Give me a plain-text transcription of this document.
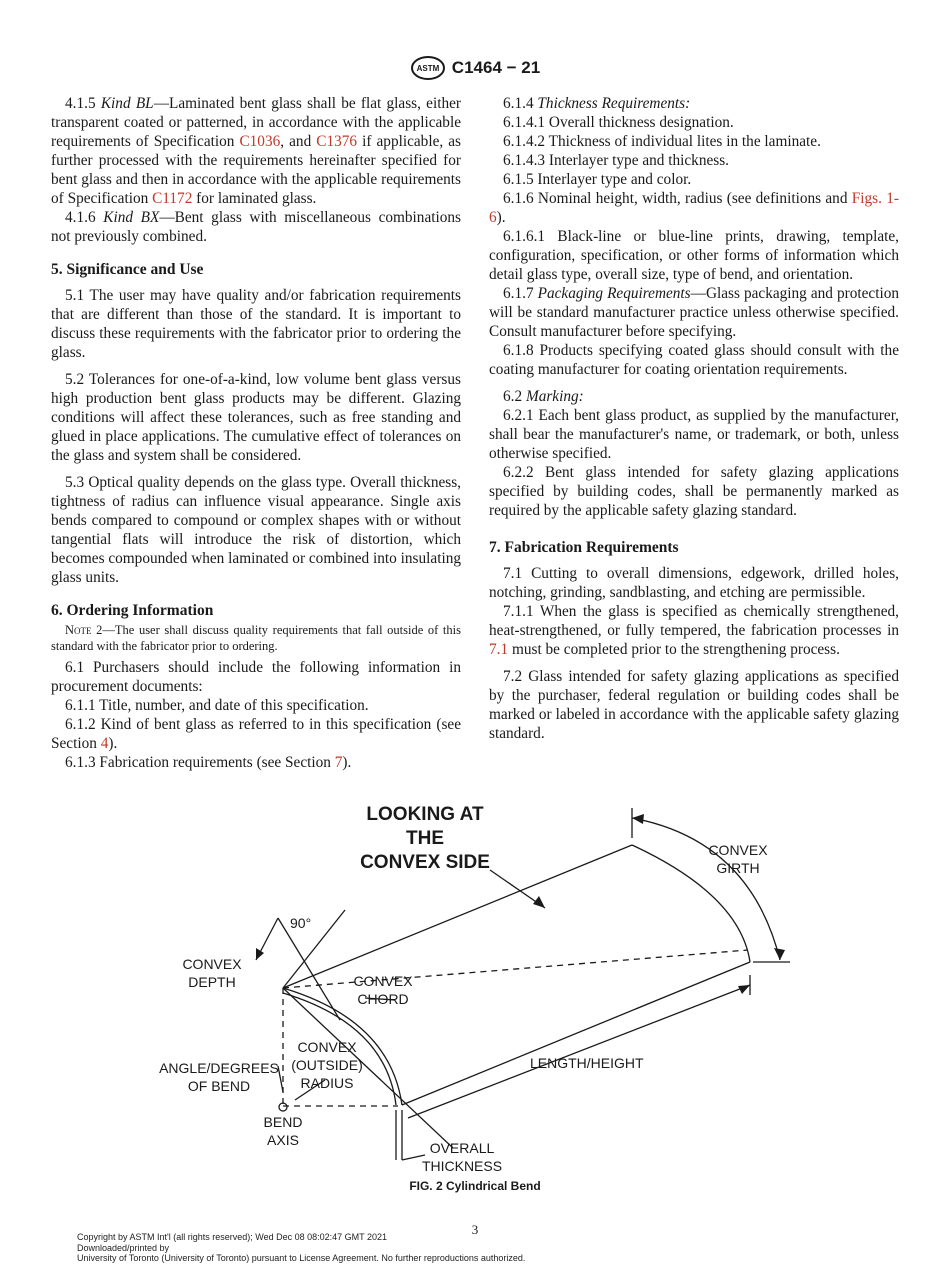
ASTM C1464 − 21

4.1.5 Kind BL—Laminated bent glass shall be flat glass, either transparent coated or patterned, in accordance with the applicable requirements of Specification C1036, and C1376 if applicable, as further processed with the requirements hereinafter specified for bent glass and then in accordance with the applicable requirements of Specification C1172 for laminated glass.

4.1.6 Kind BX—Bent glass with miscellaneous combinations not previously combined.

5. Significance and Use

5.1 The user may have quality and/or fabrication requirements that are different than those of the standard. It is important to discuss these requirements with the fabricator prior to ordering the glass.

5.2 Tolerances for one-of-a-kind, low volume bent glass versus high production bent glass products may be different. Glazing conditions will affect these tolerances, such as free standing and glued in place applications. The cumulative effect of tolerances on the glass and system shall be considered.

5.3 Optical quality depends on the glass type. Overall thickness, tightness of radius can influence visual appearance. Single axis bends compared to compound or complex shapes with or without tangential flats will introduce the risk of distortion, which becomes compounded when laminated or combined into insulating glass units.

6. Ordering Information

Note 2—The user shall discuss quality requirements that fall outside of this standard with the fabricator prior to ordering.

6.1 Purchasers should include the following information in procurement documents:

6.1.1 Title, number, and date of this specification.

6.1.2 Kind of bent glass as referred to in this specification (see Section 4).

6.1.3 Fabrication requirements (see Section 7).

6.1.4 Thickness Requirements:

6.1.4.1 Overall thickness designation.

6.1.4.2 Thickness of individual lites in the laminate.

6.1.4.3 Interlayer type and thickness.

6.1.5 Interlayer type and color.

6.1.6 Nominal height, width, radius (see definitions and Figs. 1-6).

6.1.6.1 Black-line or blue-line prints, drawing, template, configuration, specification, or other forms of information which detail glass type, overall size, type of bend, and orientation.

6.1.7 Packaging Requirements—Glass packaging and protection will be standard manufacturer practice unless otherwise specified. Consult manufacturer before specifying.

6.1.8 Products specifying coated glass should consult with the coating manufacturer for coating orientation requirements.

6.2 Marking:

6.2.1 Each bent glass product, as supplied by the manufacturer, shall bear the manufacturer's name, or trademark, or both, unless otherwise specified.

6.2.2 Bent glass intended for safety glazing applications specified by building codes, shall be permanently marked as required by the applicable safety glazing standard.

7. Fabrication Requirements

7.1 Cutting to overall dimensions, edgework, drilled holes, notching, grinding, sandblasting, and etching are permissible.

7.1.1 When the glass is specified as chemically strengthened, heat-strengthened, or fully tempered, the fabrication processes in 7.1 must be completed prior to the strengthening process.

7.2 Glass intended for safety glazing applications as specified by the purchaser, federal regulation or building codes shall be marked or labeled in accordance with the applicable safety glazing standard.

LOOKING AT
THE
CONVEX SIDE
90°
CONVEX
GIRTH
CONVEX
DEPTH	CONVEX
CHORD
CONVEX
(OUTSIDE)
RADIUS
ANGLE/DEGREES
OF BEND
LENGTH/HEIGHT
BEND
AXIS	OVERALL
THICKNESS
FIG. 2 Cylindrical Bend
3
Copyright by ASTM Int'l (all rights reserved); Wed Dec 08 08:02:47 GMT 2021
Downloaded/printed by
University of Toronto (University of Toronto) pursuant to License Agreement. No further reproductions authorized.
